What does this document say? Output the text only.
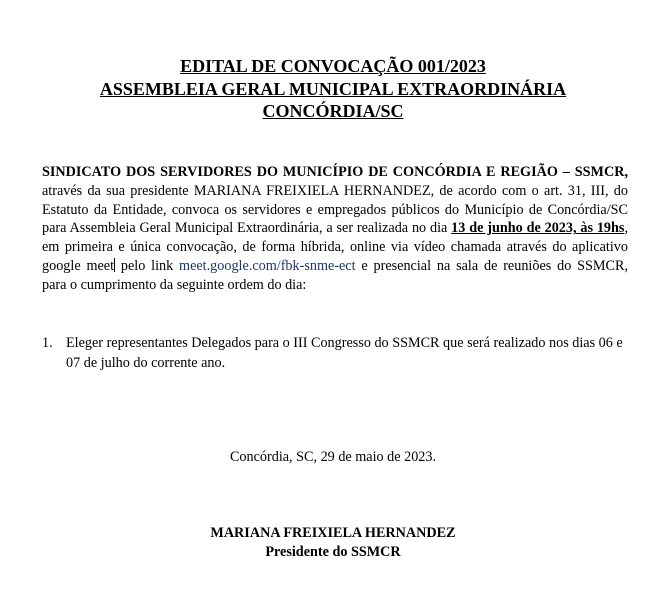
EDITAL DE CONVOCAÇÃO 001/2023
ASSEMBLEIA GERAL MUNICIPAL EXTRAORDINÁRIA
CONCÓRDIA/SC

SINDICATO DOS SERVIDORES DO MUNICÍPIO DE CONCÓRDIA E REGIÃO – SSMCR, através da sua presidente MARIANA FREIXIELA HERNANDEZ, de acordo com o art. 31, III, do Estatuto da Entidade, convoca os servidores e empregados públicos do Município de Concórdia/SC para Assembleia Geral Municipal Extraordinária, a ser realizada no dia 13 de junho de 2023, às 19hs, em primeira e única convocação, de forma híbrida, online via vídeo chamada através do aplicativo google meet pelo link meet.google.com/fbk-snme-ect e presencial na sala de reuniões do SSMCR, para o cumprimento da seguinte ordem do dia:

1. Eleger representantes Delegados para o III Congresso do SSMCR que será realizado nos dias 06 e 07 de julho do corrente ano.

Concórdia, SC, 29 de maio de 2023.

MARIANA FREIXIELA HERNANDEZ

Presidente do SSMCR
